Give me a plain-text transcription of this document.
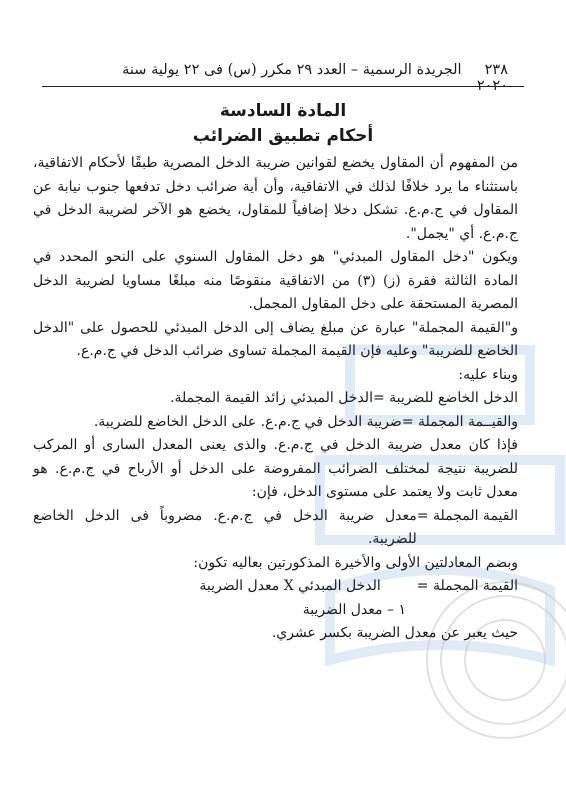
٢٣٨     الجريدة الرسمية – العدد ٢٩ مكرر (س) فى ٢٢ يولية سنة ٢٠٢٠
المادة السادسة
أحكام تطبيق الضرائب

من المفهوم أن المقاول يخضع لقوانين ضريبة الدخل المصرية طبقًا لأحكام الاتفاقية، باستثناء ما يرد خلافًا لذلك في الاتفاقية، وأن أية ضرائب دخل تدفعها جنوب نيابة عن المقاول في ج.م.ع. تشكل دخلا إضافياً للمقاول، يخضع هو الآخر لضريبة الدخل في ج.م.ع. أي "يجمل".

ويكون "دخل المقاول المبدئي" هو دخل المقاول السنوي على النحو المحدد في المادة الثالثة فقرة (ز) (٣) من الاتفاقية منقوصًا منه مبلغًا مساويا لضريبة الدخل المصرية المستحقة على دخل المقاول المجمل.

و"القيمة المجملة" عبارة عن مبلغ يضاف إلى الدخل المبدئي للحصول على "الدخل الخاضع للضريبة" وعليه فإن القيمة المجملة تساوى ضرائب الدخل في ج.م.ع.

وبناء عليه:

الدخل الخاضع للضريبة =
الدخل المبدئي زائد القيمة المجملة.
والقيــمة المجملة =
ضريبة الدخل في ج.م.ع. على الدخل الخاضع للضريبة.

فإذا كان معدل ضريبة الدخل في ج.م.ع. والذى يعنى المعدل السارى أو المركب للضريبة نتيجة لمختلف الضرائب المفروضة على الدخل أو الأرباح في ج.م.ع. هو معدل ثابت ولا يعتمد على مستوى الدخل، فإن:

القيمة المجملة =
معدل ضريبة الدخل في ج.م.ع. مضروباً فى الدخل الخاضع للضريبة.

وبضم المعادلتين الأولى والأخيرة المذكورتين بعاليه تكون:

القيمة المجملة =
الدخل المبدئي X معدل الضريبة
١ – معدل الضريبة

حيث يعبر عن معدل الضريبة بكسر عشري.
